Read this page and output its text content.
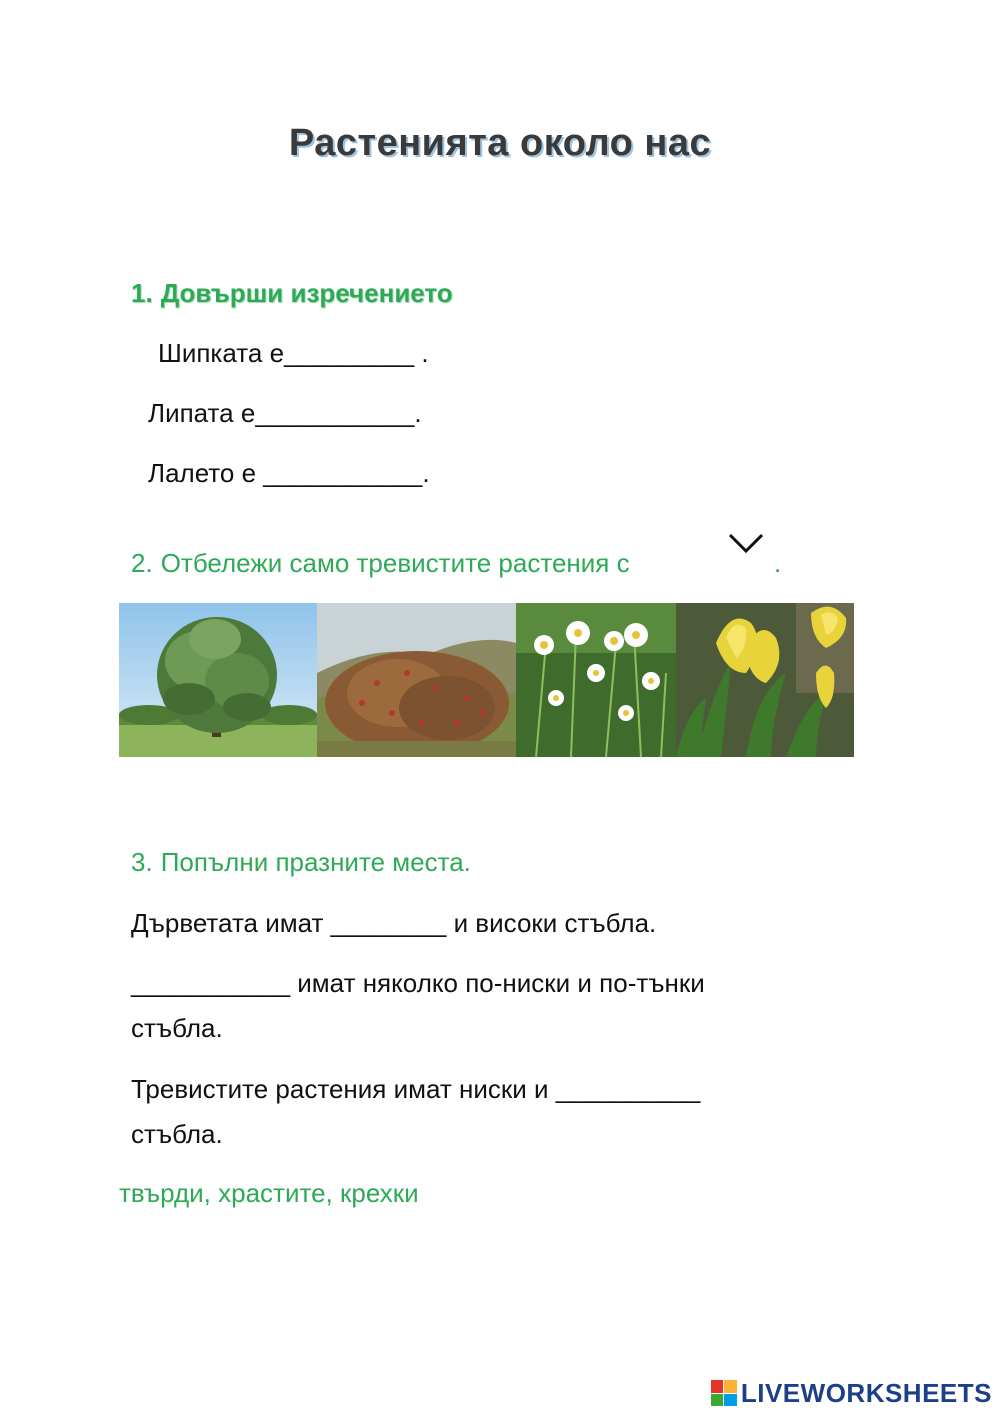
Растенията около нас
1. Довърши изречението
Шипката е_________ .
Липата е___________.
Лалето е ___________.
2. Отбележи само тревистите растения с	.
3. Попълни празните места.
Дърветата имат ________ и високи стъбла.
___________ имат няколко по-ниски и по-тънки
стъбла.
Тревистите растения имат ниски и __________
стъбла.
твърди, храстите, крехки
LIVEWORKSHEETS
